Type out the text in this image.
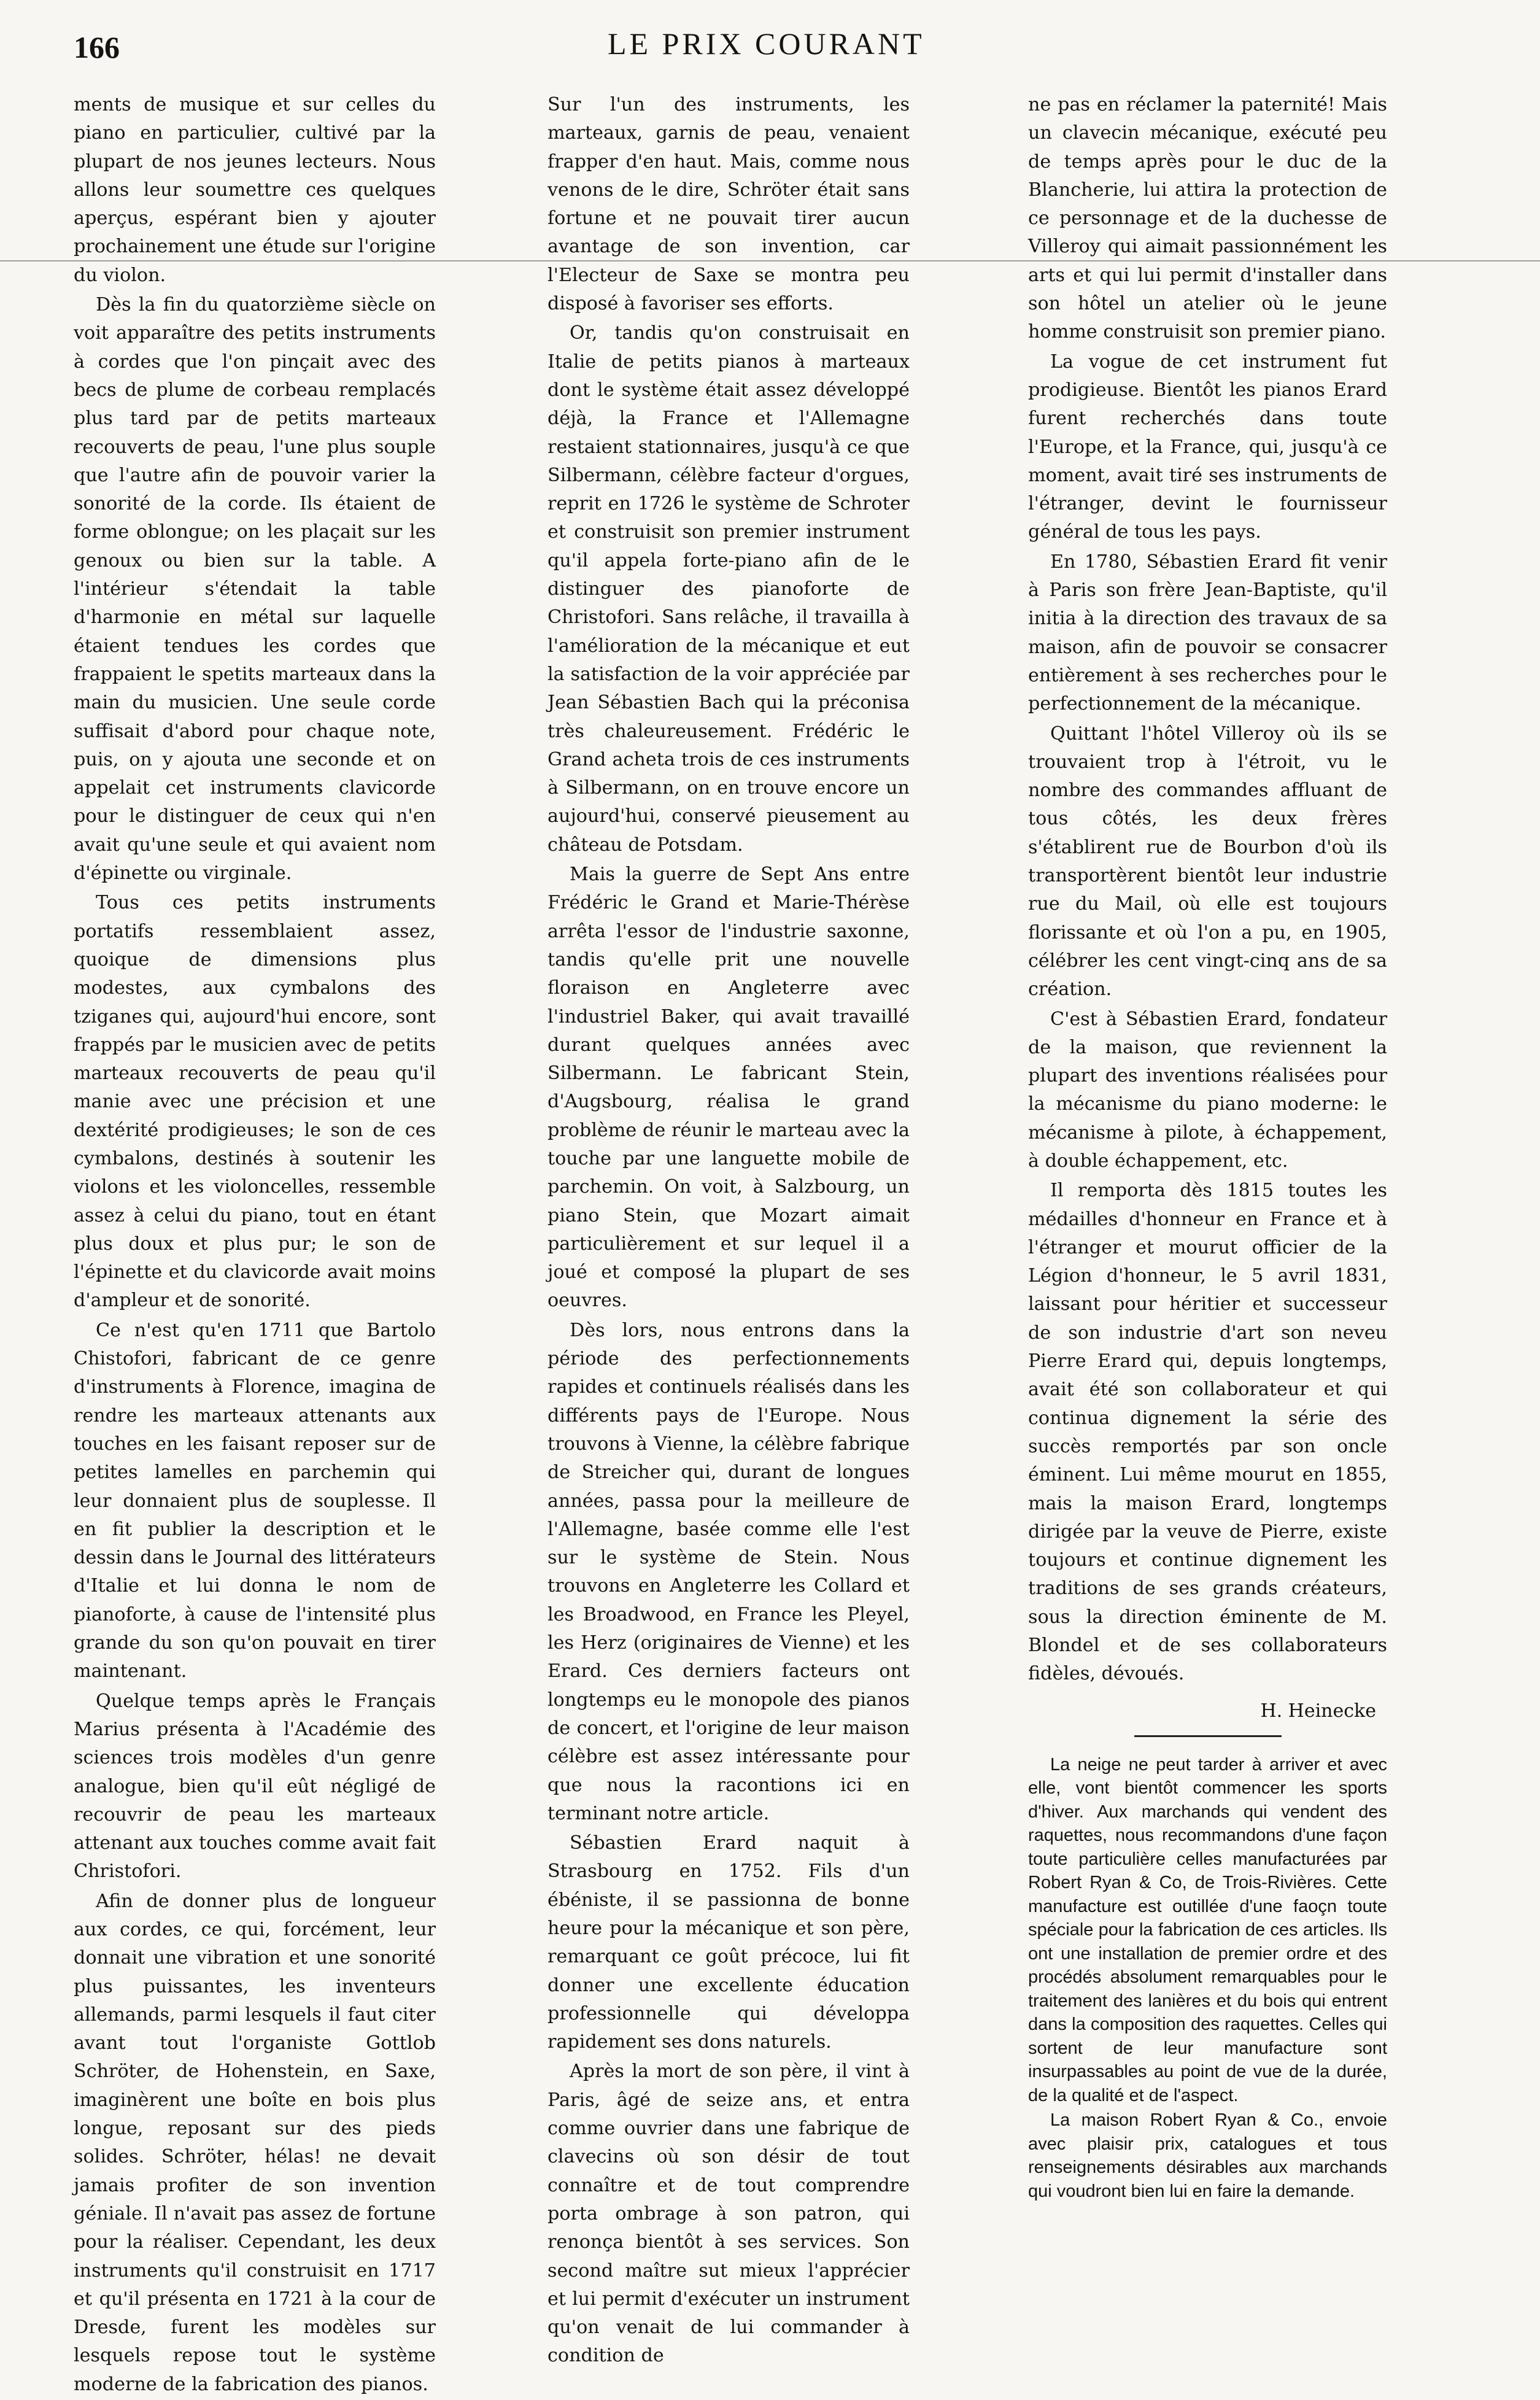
166	LE PRIX COURANT

ments de musique et sur celles du piano en particulier, cultivé par la plupart de nos jeunes lecteurs. Nous allons leur soumettre ces quelques aperçus, espérant bien y ajouter prochainement une étude sur l'origine du violon.

Dès la fin du quatorzième siècle on voit apparaître des petits instruments à cordes que l'on pinçait avec des becs de plume de corbeau remplacés plus tard par de petits marteaux recouverts de peau, l'une plus souple que l'autre afin de pouvoir varier la sonorité de la corde. Ils étaient de forme oblongue; on les plaçait sur les genoux ou bien sur la table. A l'intérieur s'étendait la table d'harmonie en métal sur laquelle étaient tendues les cordes que frappaient le spetits marteaux dans la main du musicien. Une seule corde suffisait d'abord pour chaque note, puis, on y ajouta une seconde et on appelait cet instruments clavicorde pour le distinguer de ceux qui n'en avait qu'une seule et qui avaient nom d'épinette ou virginale.

Tous ces petits instruments portatifs ressemblaient assez, quoique de dimensions plus modestes, aux cymbalons des tziganes qui, aujourd'hui encore, sont frappés par le musicien avec de petits marteaux recouverts de peau qu'il manie avec une précision et une dextérité prodigieuses; le son de ces cymbalons, destinés à soutenir les violons et les violoncelles, ressemble assez à celui du piano, tout en étant plus doux et plus pur; le son de l'épinette et du clavicorde avait moins d'ampleur et de sonorité.

Ce n'est qu'en 1711 que Bartolo Chistofori, fabricant de ce genre d'instruments à Florence, imagina de rendre les marteaux attenants aux touches en les faisant reposer sur de petites lamelles en parchemin qui leur donnaient plus de souplesse. Il en fit publier la description et le dessin dans le Journal des littérateurs d'Italie et lui donna le nom de pianoforte, à cause de l'intensité plus grande du son qu'on pouvait en tirer maintenant.

Quelque temps après le Français Marius présenta à l'Académie des sciences trois modèles d'un genre analogue, bien qu'il eût négligé de recouvrir de peau les marteaux attenant aux touches comme avait fait Christofori.

Afin de donner plus de longueur aux cordes, ce qui, forcément, leur donnait une vibration et une sonorité plus puissantes, les inventeurs allemands, parmi lesquels il faut citer avant tout l'organiste Gottlob Schröter, de Hohenstein, en Saxe, imaginèrent une boîte en bois plus longue, reposant sur des pieds solides. Schröter, hélas! ne devait jamais profiter de son invention géniale. Il n'avait pas assez de fortune pour la réaliser. Cependant, les deux instruments qu'il construisit en 1717 et qu'il présenta en 1721 à la cour de Dresde, furent les modèles sur lesquels repose tout le système moderne de la fabrication des pianos.

Sur l'un des instruments, les marteaux, garnis de peau, venaient frapper d'en haut. Mais, comme nous venons de le dire, Schröter était sans fortune et ne pouvait tirer aucun avantage de son invention, car l'Electeur de Saxe se montra peu disposé à favoriser ses efforts.

Or, tandis qu'on construisait en Italie de petits pianos à marteaux dont le système était assez développé déjà, la France et l'Allemagne restaient stationnaires, jusqu'à ce que Silbermann, célèbre facteur d'orgues, reprit en 1726 le système de Schroter et construisit son premier instrument qu'il appela forte-piano afin de le distinguer des pianoforte de Christofori. Sans relâche, il travailla à l'amélioration de la mécanique et eut la satisfaction de la voir appréciée par Jean Sébastien Bach qui la préconisa très chaleureusement. Frédéric le Grand acheta trois de ces instruments à Silbermann, on en trouve encore un aujourd'hui, conservé pieusement au château de Potsdam.

Mais la guerre de Sept Ans entre Frédéric le Grand et Marie-Thérèse arrêta l'essor de l'industrie saxonne, tandis qu'elle prit une nouvelle floraison en Angleterre avec l'industriel Baker, qui avait travaillé durant quelques années avec Silbermann. Le fabricant Stein, d'Augsbourg, réalisa le grand problème de réunir le marteau avec la touche par une languette mobile de parchemin. On voit, à Salzbourg, un piano Stein, que Mozart aimait particulièrement et sur lequel il a joué et composé la plupart de ses oeuvres.

Dès lors, nous entrons dans la période des perfectionnements rapides et continuels réalisés dans les différents pays de l'Europe. Nous trouvons à Vienne, la célèbre fabrique de Streicher qui, durant de longues années, passa pour la meilleure de l'Allemagne, basée comme elle l'est sur le système de Stein. Nous trouvons en Angleterre les Collard et les Broadwood, en France les Pleyel, les Herz (originaires de Vienne) et les Erard. Ces derniers facteurs ont longtemps eu le monopole des pianos de concert, et l'origine de leur maison célèbre est assez intéressante pour que nous la racontions ici en terminant notre article.

Sébastien Erard naquit à Strasbourg en 1752. Fils d'un ébéniste, il se passionna de bonne heure pour la mécanique et son père, remarquant ce goût précoce, lui fit donner une excellente éducation professionnelle qui développa rapidement ses dons naturels.

Après la mort de son père, il vint à Paris, âgé de seize ans, et entra comme ouvrier dans une fabrique de clavecins où son désir de tout connaître et de tout comprendre porta ombrage à son patron, qui renonça bientôt à ses services. Son second maître sut mieux l'apprécier et lui permit d'exécuter un instrument qu'on venait de lui commander à condition de

ne pas en réclamer la paternité! Mais un clavecin mécanique, exécuté peu de temps après pour le duc de la Blancherie, lui attira la protection de ce personnage et de la duchesse de Villeroy qui aimait passionnément les arts et qui lui permit d'installer dans son hôtel un atelier où le jeune homme construisit son premier piano.

La vogue de cet instrument fut prodigieuse. Bientôt les pianos Erard furent recherchés dans toute l'Europe, et la France, qui, jusqu'à ce moment, avait tiré ses instruments de l'étranger, devint le fournisseur général de tous les pays.

En 1780, Sébastien Erard fit venir à Paris son frère Jean-Baptiste, qu'il initia à la direction des travaux de sa maison, afin de pouvoir se consacrer entièrement à ses recherches pour le perfectionnement de la mécanique.

Quittant l'hôtel Villeroy où ils se trouvaient trop à l'étroit, vu le nombre des commandes affluant de tous côtés, les deux frères s'établirent rue de Bourbon d'où ils transportèrent bientôt leur industrie rue du Mail, où elle est toujours florissante et où l'on a pu, en 1905, célébrer les cent vingt-cinq ans de sa création.

C'est à Sébastien Erard, fondateur de la maison, que reviennent la plupart des inventions réalisées pour la mécanisme du piano moderne: le mécanisme à pilote, à échappement, à double échappement, etc.

Il remporta dès 1815 toutes les médailles d'honneur en France et à l'étranger et mourut officier de la Légion d'honneur, le 5 avril 1831, laissant pour héritier et successeur de son industrie d'art son neveu Pierre Erard qui, depuis longtemps, avait été son collaborateur et qui continua dignement la série des succès remportés par son oncle éminent. Lui même mourut en 1855, mais la maison Erard, longtemps dirigée par la veuve de Pierre, existe toujours et continue dignement les traditions de ses grands créateurs, sous la direction éminente de M. Blondel et de ses collaborateurs fidèles, dévoués.

H. Heinecke

La neige ne peut tarder à arriver et avec elle, vont bientôt commencer les sports d'hiver. Aux marchands qui vendent des raquettes, nous recommandons d'une façon toute particulière celles manufacturées par Robert Ryan & Co, de Trois-Rivières. Cette manufacture est outillée d'une faoçn toute spéciale pour la fabrication de ces articles. Ils ont une installation de premier ordre et des procédés absolument remarquables pour le traitement des lanières et du bois qui entrent dans la composition des raquettes. Celles qui sortent de leur manufacture sont insurpassables au point de vue de la durée, de la qualité et de l'aspect.

La maison Robert Ryan & Co., envoie avec plaisir prix, catalogues et tous renseignements désirables aux marchands qui voudront bien lui en faire la demande.
